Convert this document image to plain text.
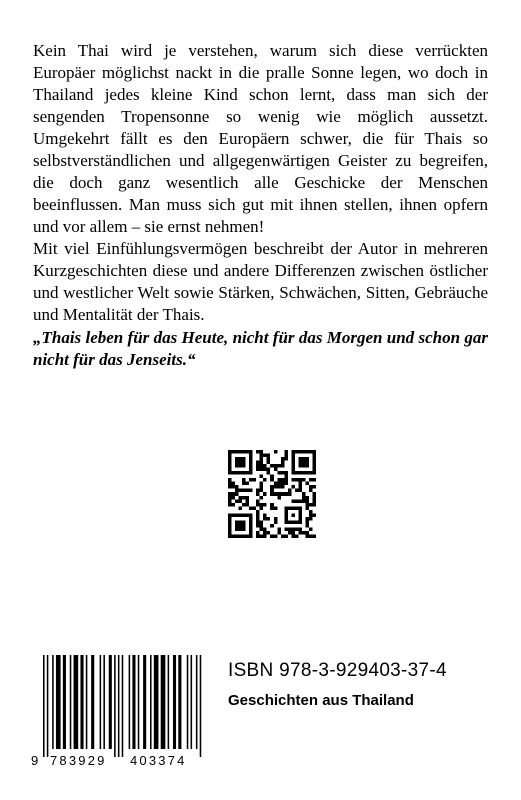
Kein Thai wird je verstehen, warum sich diese verrückten Europäer möglichst nackt in die pralle Sonne legen, wo doch in Thailand jedes kleine Kind schon lernt, dass man sich der sengenden Tropensonne so wenig wie möglich aussetzt. Umgekehrt fällt es den Europäern schwer, die für Thais so selbstverständlichen und allgegenwärtigen Geister zu begreifen, die doch ganz wesentlich alle Geschicke der Menschen beeinflussen. Man muss sich gut mit ihnen stellen, ihnen opfern und vor allem – sie ernst nehmen!

Mit viel Einfühlungsvermögen beschreibt der Autor in mehreren Kurzgeschichten diese und andere Differenzen zwischen östlicher und westlicher Welt sowie Stärken, Schwächen, Sitten, Gebräuche und Mentalität der Thais.

„Thais leben für das Heute, nicht für das Morgen und schon gar nicht für das Jenseits.“

9 783929 403374
ISBN 978-3-929403-37-4
Geschichten aus Thailand
